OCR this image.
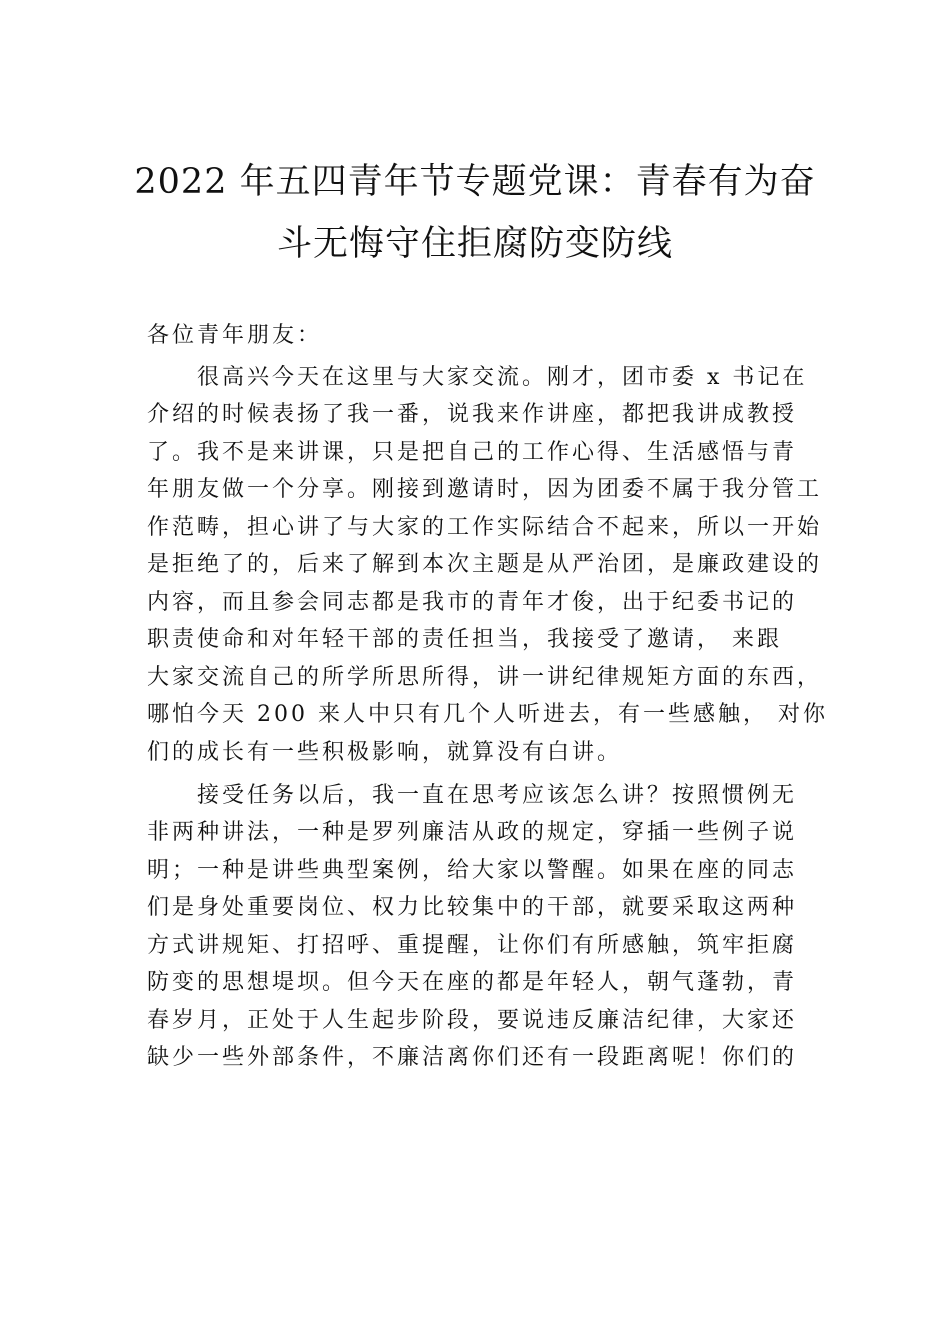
2022 年五四青年节专题党课：青春有为奋
斗无悔守住拒腐防变防线
各位青年朋友：
很高兴今天在这里与大家交流。刚才，团市委 x 书记在
介绍的时候表扬了我一番，说我来作讲座，都把我讲成教授
了。我不是来讲课，只是把自己的工作心得、生活感悟与青
年朋友做一个分享。刚接到邀请时，因为团委不属于我分管工
作范畴，担心讲了与大家的工作实际结合不起来，所以一开始
是拒绝了的，后来了解到本次主题是从严治团，是廉政建设的
内容，而且参会同志都是我市的青年才俊，出于纪委书记的
职责使命和对年轻干部的责任担当，我接受了邀请， 来跟
大家交流自己的所学所思所得，讲一讲纪律规矩方面的东西，
哪怕今天 200 来人中只有几个人听进去，有一些感触， 对你
们的成长有一些积极影响，就算没有白讲。
接受任务以后，我一直在思考应该怎么讲？按照惯例无
非两种讲法，一种是罗列廉洁从政的规定，穿插一些例子说
明；一种是讲些典型案例，给大家以警醒。如果在座的同志
们是身处重要岗位、权力比较集中的干部，就要采取这两种
方式讲规矩、打招呼、重提醒，让你们有所感触，筑牢拒腐
防变的思想堤坝。但今天在座的都是年轻人，朝气蓬勃，青
春岁月，正处于人生起步阶段，要说违反廉洁纪律，大家还
缺少一些外部条件，不廉洁离你们还有一段距离呢！你们的
